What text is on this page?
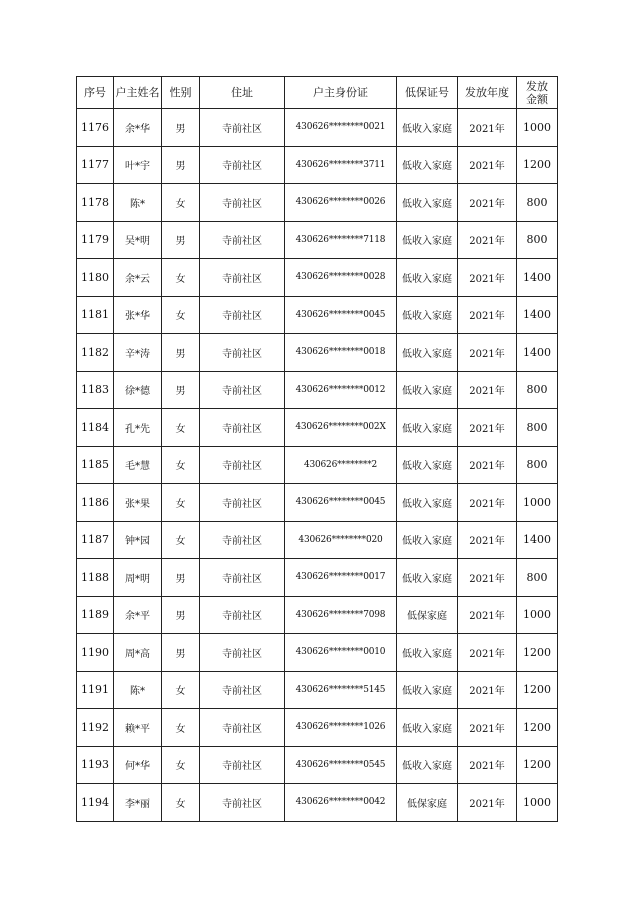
序号	户主姓名	性别	住址	户主身份证	低保证号	发放年度	发放
金额
1176	余*华	男	寺前社区	430626********0021	低收入家庭	2021年	1000
1177	叶*宇	男	寺前社区	430626********3711	低收入家庭	2021年	1200
1178	陈*	女	寺前社区	430626********0026	低收入家庭	2021年	800
1179	吴*明	男	寺前社区	430626********7118	低收入家庭	2021年	800
1180	余*云	女	寺前社区	430626********0028	低收入家庭	2021年	1400
1181	张*华	女	寺前社区	430626********0045	低收入家庭	2021年	1400
1182	辛*涛	男	寺前社区	430626********0018	低收入家庭	2021年	1400
1183	徐*德	男	寺前社区	430626********0012	低收入家庭	2021年	800
1184	孔*先	女	寺前社区	430626********002X	低收入家庭	2021年	800
1185	毛*慧	女	寺前社区	430626********2	低收入家庭	2021年	800
1186	张*果	女	寺前社区	430626********0045	低收入家庭	2021年	1000
1187	钟*园	女	寺前社区	430626********020	低收入家庭	2021年	1400
1188	周*明	男	寺前社区	430626********0017	低收入家庭	2021年	800
1189	余*平	男	寺前社区	430626********7098	低保家庭	2021年	1000
1190	周*高	男	寺前社区	430626********0010	低收入家庭	2021年	1200
1191	陈*	女	寺前社区	430626********5145	低收入家庭	2021年	1200
1192	赖*平	女	寺前社区	430626********1026	低收入家庭	2021年	1200
1193	何*华	女	寺前社区	430626********0545	低收入家庭	2021年	1200
1194	李*丽	女	寺前社区	430626********0042	低保家庭	2021年	1000
